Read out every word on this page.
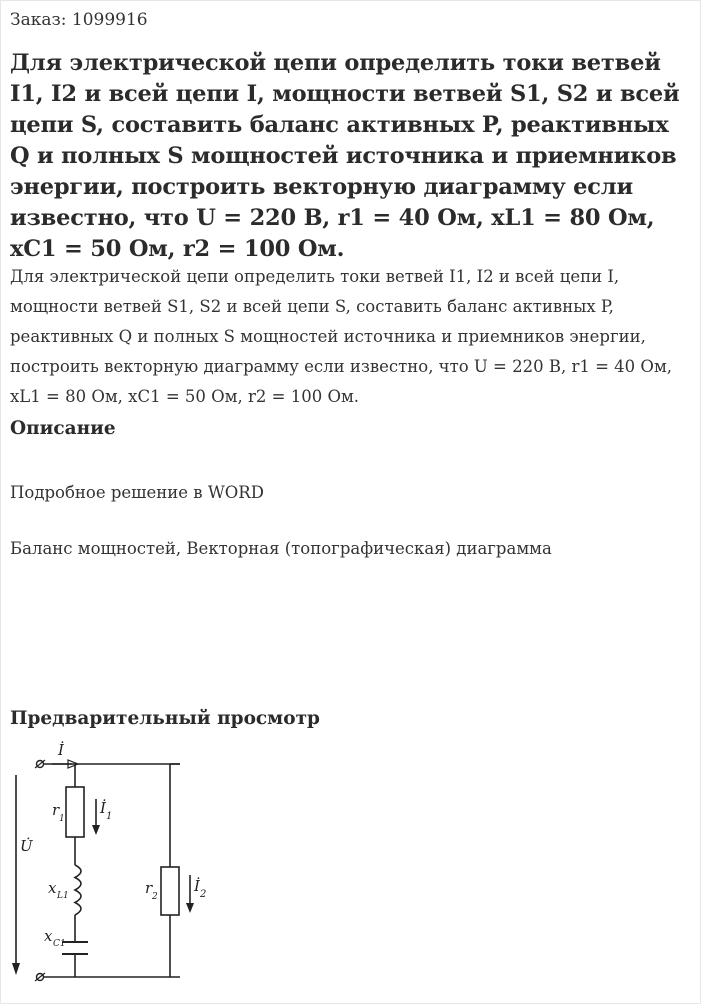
Заказ: 1099916
Для электрической цепи определить токи ветвей I1, I2 и всей цепи I, мощности ветвей S1, S2 и всей цепи S, составить баланс активных P, реактивных Q и полных S мощностей источника и приемников энергии, построить векторную диаграмму если известно, что U = 220 В, r1 = 40 Ом, xL1 = 80 Ом, xC1 = 50 Ом, r2 = 100 Ом.

Для электрической цепи определить токи ветвей I1, I2 и всей цепи I, мощности ветвей S1, S2 и всей цепи S, составить баланс активных P, реактивных Q и полных S мощностей источника и приемников энергии, построить векторную диаграмму если известно, что U = 220 В, r1 = 40 Ом, xL1 = 80 Ом, xC1 = 50 Ом, r2 = 100 Ом.

Описание
Подробное решение в WORD
Баланс мощностей, Векторная (топографическая) диаграмма
Предварительный просмотр
İ
İ 1
İ 2
U̇
r 1
x L1
x C1
r 2
